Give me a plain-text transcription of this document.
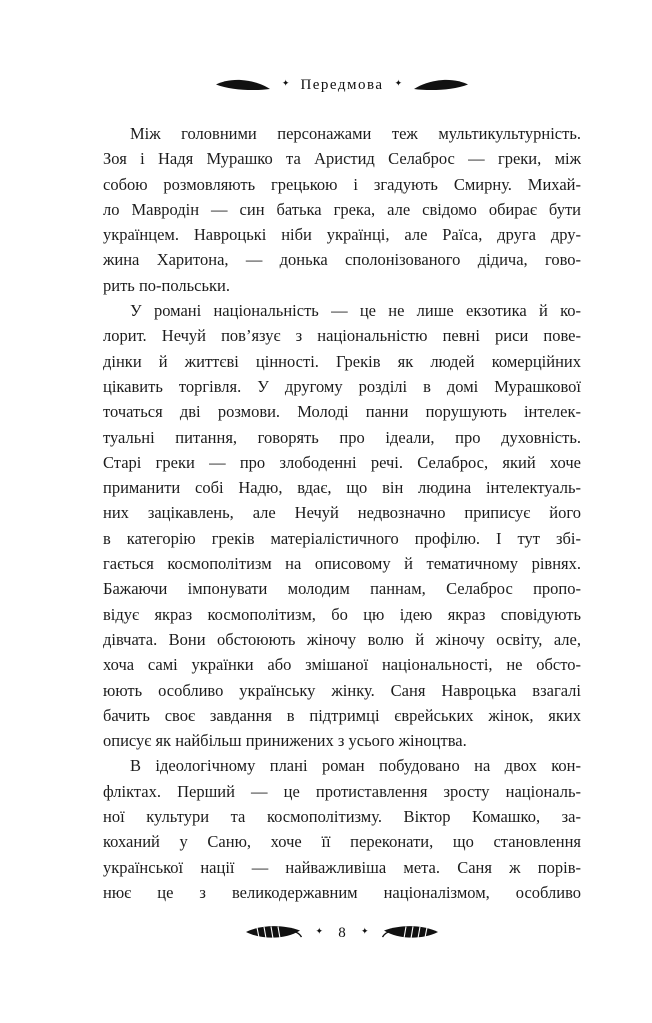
✦ Передмова ✦

Між головними персонажами теж мультикультурність.
Зоя і Надя Мурашко та Аристид Селаброс — греки, між
собою розмовляють грецькою і згадують Смирну. Михай-
ло Мавродін — син батька грека, але свідомо обирає бути
українцем. Навроцькі ніби українці, але Раїса, друга дру-
жина Харитона, — донька сполонізованого дідича, гово-
рить по-польськи.

У романі національність — це не лише екзотика й ко-
лорит. Нечуй пов’язує з національністю певні риси пове-
дінки й життєві цінності. Греків як людей комерційних
цікавить торгівля. У другому розділі в домі Мурашкової
точаться дві розмови. Молоді панни порушують інтелек-
туальні питання, говорять про ідеали, про духовність.
Старі греки — про злободенні речі. Селаброс, який хоче
приманити собі Надю, вдає, що він людина інтелектуаль-
них зацікавлень, але Нечуй недвозначно приписує його
в категорію греків матеріалістичного профілю. І тут збі-
гається космополітизм на описовому й тематичному рівнях.
Бажаючи імпонувати молодим паннам, Селаброс пропо-
відує якраз космополітизм, бо цю ідею якраз сповідують
дівчата. Вони обстоюють жіночу волю й жіночу освіту, але,
хоча самі українки або змішаної національності, не обсто-
юють особливо українську жінку. Саня Навроцька взагалі
бачить своє завдання в підтримці єврейських жінок, яких
описує як найбільш принижених з усього жіноцтва.

В ідеологічному плані роман побудовано на двох кон-
фліктах. Перший — це протиставлення зросту національ-
ної культури та космополітизму. Віктор Комашко, за-
коханий у Саню, хоче її переконати, що становлення
української нації — найважливіша мета. Саня ж порів-
нює це з великодержавним націоналізмом, особливо

✦ 8 ✦
